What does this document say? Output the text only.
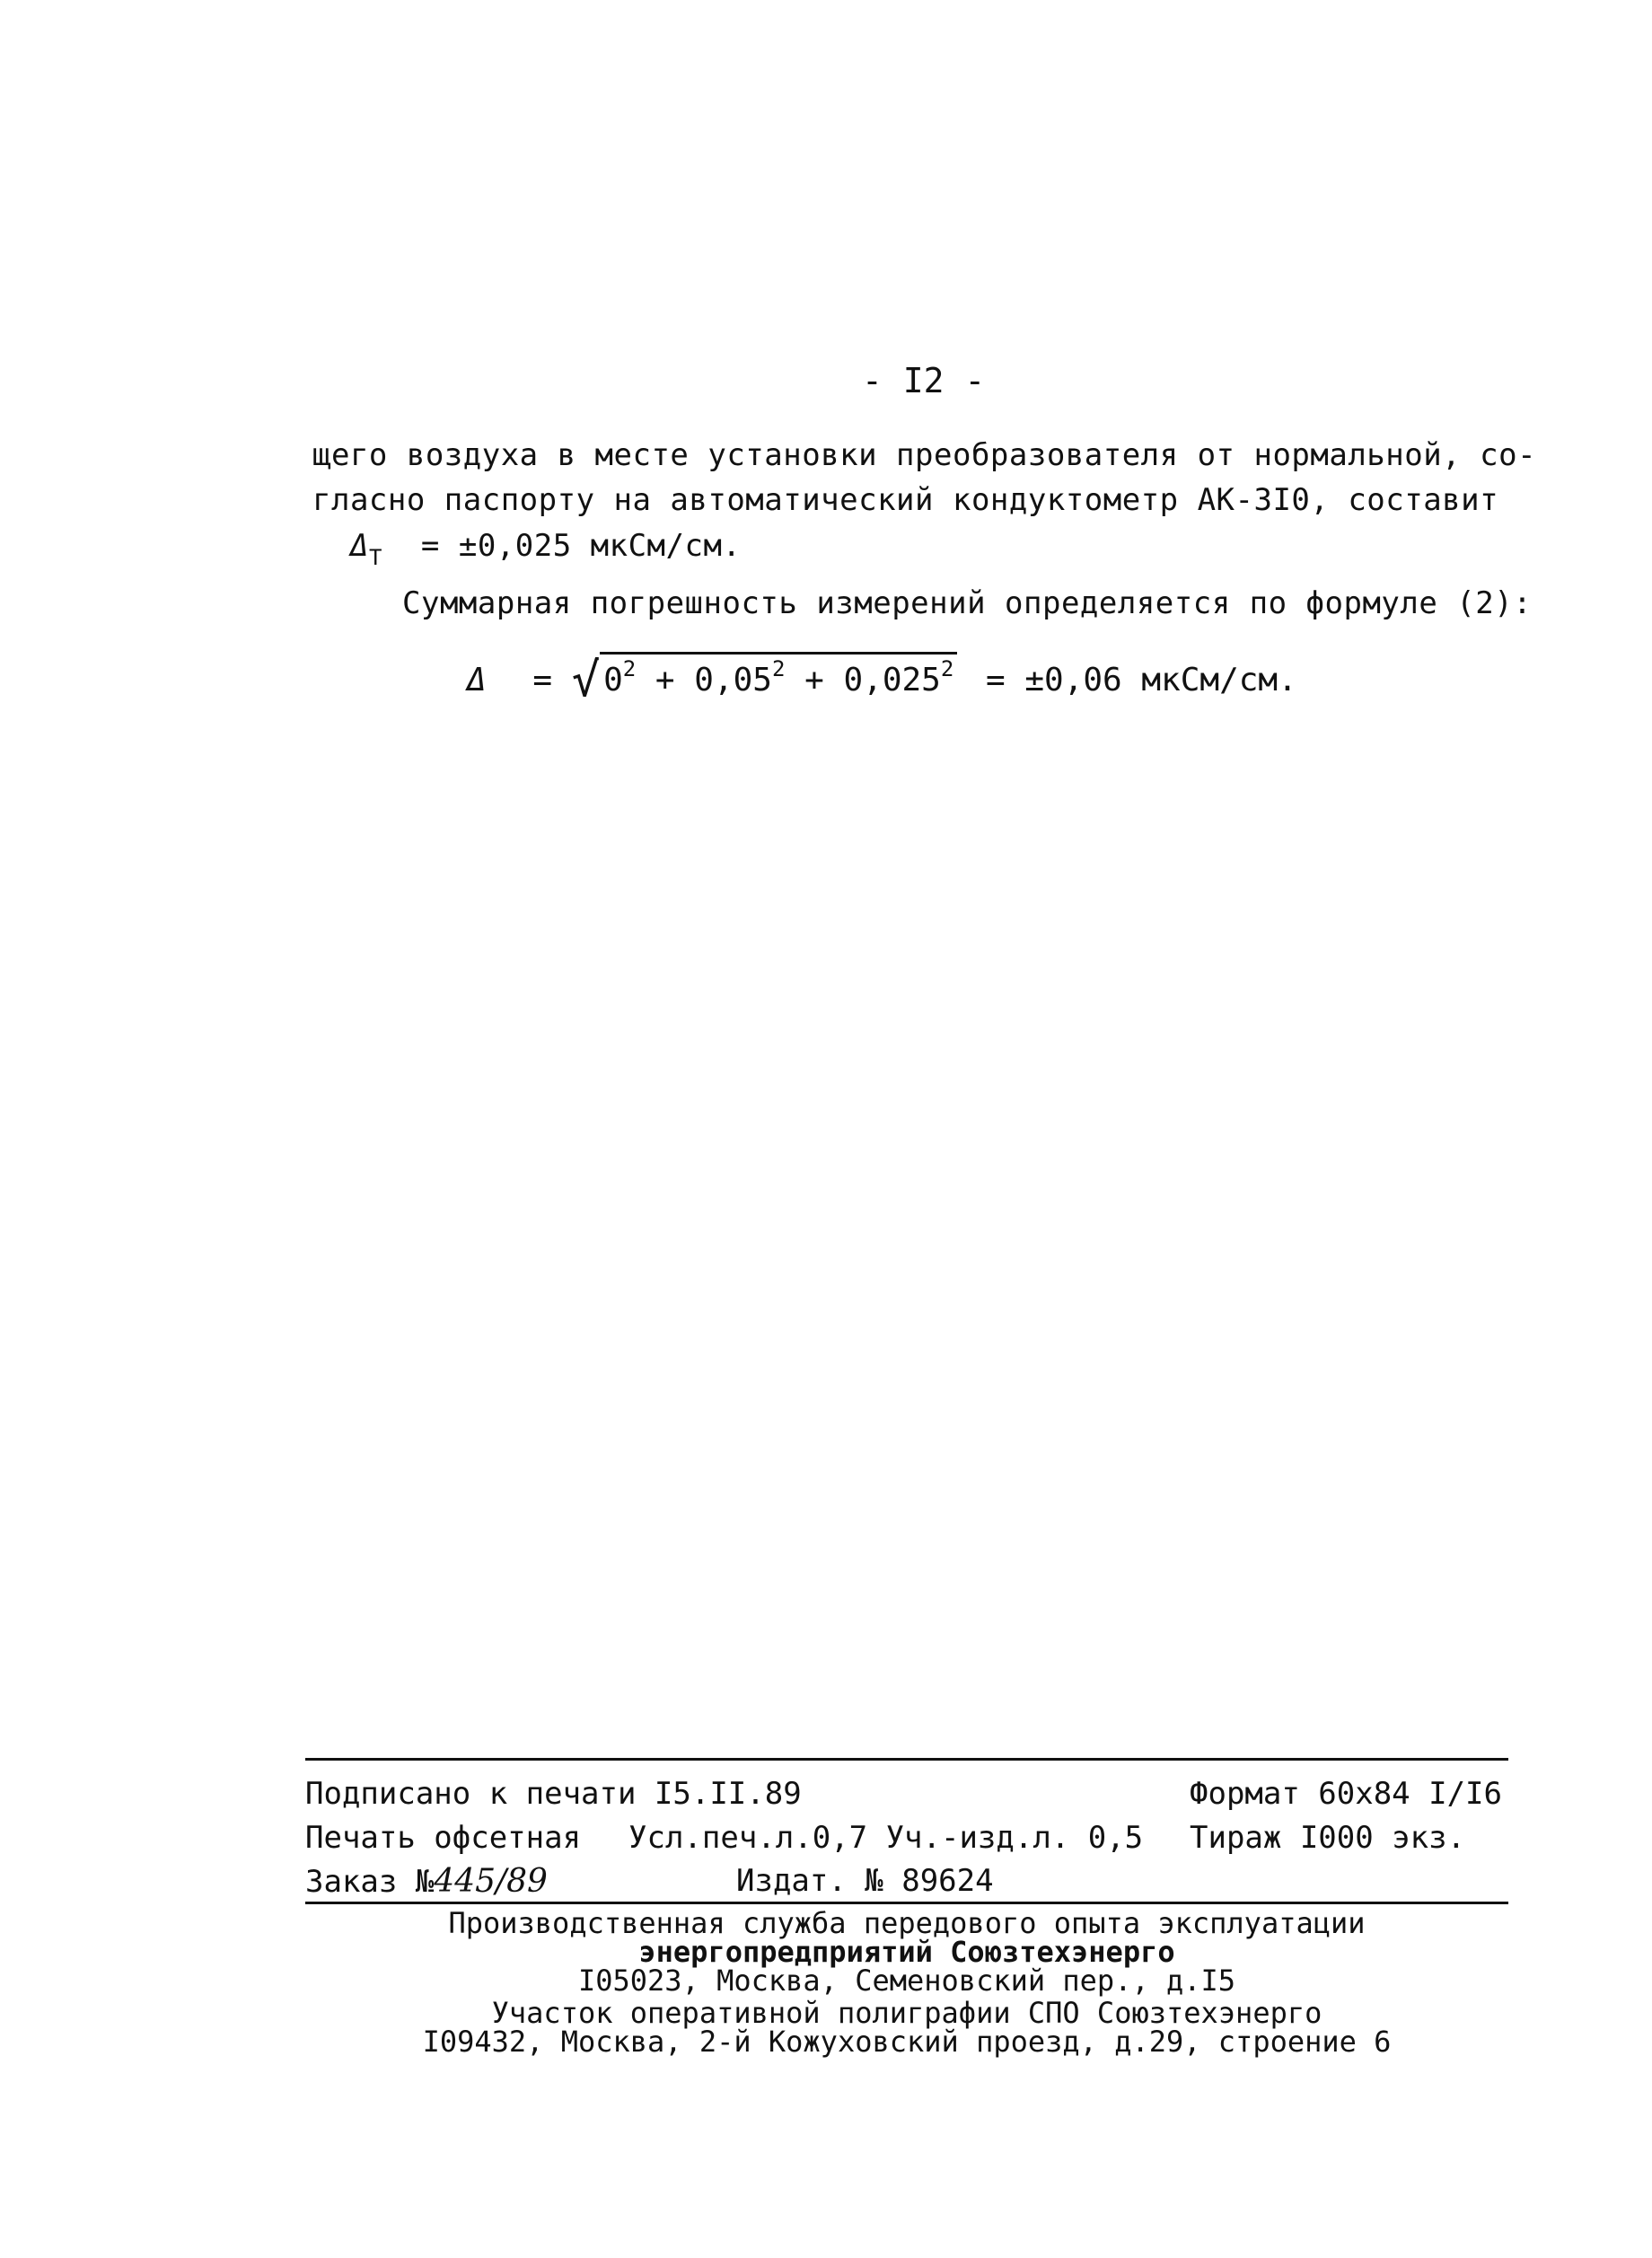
- I2 -
щего воздуха в месте установки преобразователя от нормальной, со-
гласно паспорту на автоматический кондуктометр АК-3I0, составит
$\Delta_T = \pm 0,025$ мкСм/см.
Суммарная погрешность измерений определяется по формуле (2):
Δ = √ $0^2 + 0,05^2 + 0,025^2 = \pm 0,06$ мкСм/см.
Подписано к печати I5.II.89	Формат 60х84 I/I6
Печать офсетная Усл.печ.л.0,7 Уч.-изд.л. 0,5 Тираж I000 экз.
Заказ №445/89	Издат. № 89624
Производственная служба передового опыта эксплуатации
энергопредприятий Союзтехэнерго
I05023, Москва, Семеновский пер., д.I5
Участок оперативной полиграфии СПО Союзтехэнерго
I09432, Москва, 2-й Кожуховский проезд, д.29, строение 6
